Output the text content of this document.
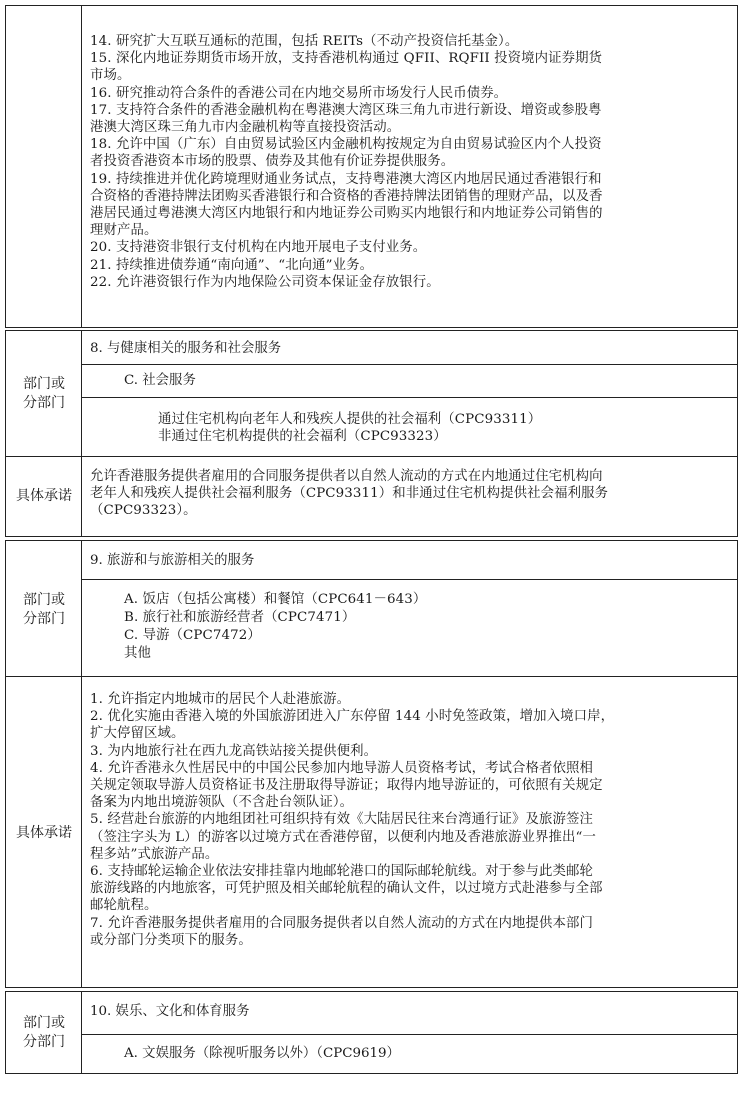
14. 研究扩大互联互通标的范围，包括 REITs（不动产投资信托基金）。
15. 深化内地证券期货市场开放，支持香港机构通过 QFII、RQFII 投资境内证券期货
市场。
16. 研究推动符合条件的香港公司在内地交易所市场发行人民币债券。
17. 支持符合条件的香港金融机构在粤港澳大湾区珠三角九市进行新设、增资或参股粤
港澳大湾区珠三角九市内金融机构等直接投资活动。
18. 允许中国（广东）自由贸易试验区内金融机构按规定为自由贸易试验区内个人投资
者投资香港资本市场的股票、债券及其他有价证券提供服务。
19. 持续推进并优化跨境理财通业务试点，支持粤港澳大湾区内地居民通过香港银行和
合资格的香港持牌法团购买香港银行和合资格的香港持牌法团销售的理财产品，以及香
港居民通过粤港澳大湾区内地银行和内地证券公司购买内地银行和内地证券公司销售的
理财产品。
20. 支持港资非银行支付机构在内地开展电子支付业务。
21. 持续推进债券通“南向通”、“北向通”业务。
22. 允许港资银行作为内地保险公司资本保证金存放银行。
部门或
分部门
8. 与健康相关的服务和社会服务
C. 社会服务
通过住宅机构向老年人和残疾人提供的社会福利（CPC93311）
非通过住宅机构提供的社会福利（CPC93323）
具体承诺
允许香港服务提供者雇用的合同服务提供者以自然人流动的方式在内地通过住宅机构向
老年人和残疾人提供社会福利服务（CPC93311）和非通过住宅机构提供社会福利服务
（CPC93323）。
部门或
分部门
9. 旅游和与旅游相关的服务
A. 饭店（包括公寓楼）和餐馆（CPC641－643）
B. 旅行社和旅游经营者（CPC7471）
C. 导游（CPC7472）
其他
具体承诺
1. 允许指定内地城市的居民个人赴港旅游。
2. 优化实施由香港入境的外国旅游团进入广东停留 144 小时免签政策，增加入境口岸，
扩大停留区域。
3. 为内地旅行社在西九龙高铁站接关提供便利。
4. 允许香港永久性居民中的中国公民参加内地导游人员资格考试，考试合格者依照相
关规定领取导游人员资格证书及注册取得导游证；取得内地导游证的，可依照有关规定
备案为内地出境游领队（不含赴台领队证）。
5. 经营赴台旅游的内地组团社可组织持有效《大陆居民往来台湾通行证》及旅游签注
（签注字头为 L）的游客以过境方式在香港停留，以便利内地及香港旅游业界推出“一
程多站”式旅游产品。
6. 支持邮轮运输企业依法安排挂靠内地邮轮港口的国际邮轮航线。对于参与此类邮轮
旅游线路的内地旅客，可凭护照及相关邮轮航程的确认文件，以过境方式赴港参与全部
邮轮航程。
7. 允许香港服务提供者雇用的合同服务提供者以自然人流动的方式在内地提供本部门
或分部门分类项下的服务。
部门或
分部门
10. 娱乐、文化和体育服务
A. 文娱服务（除视听服务以外）（CPC9619）
